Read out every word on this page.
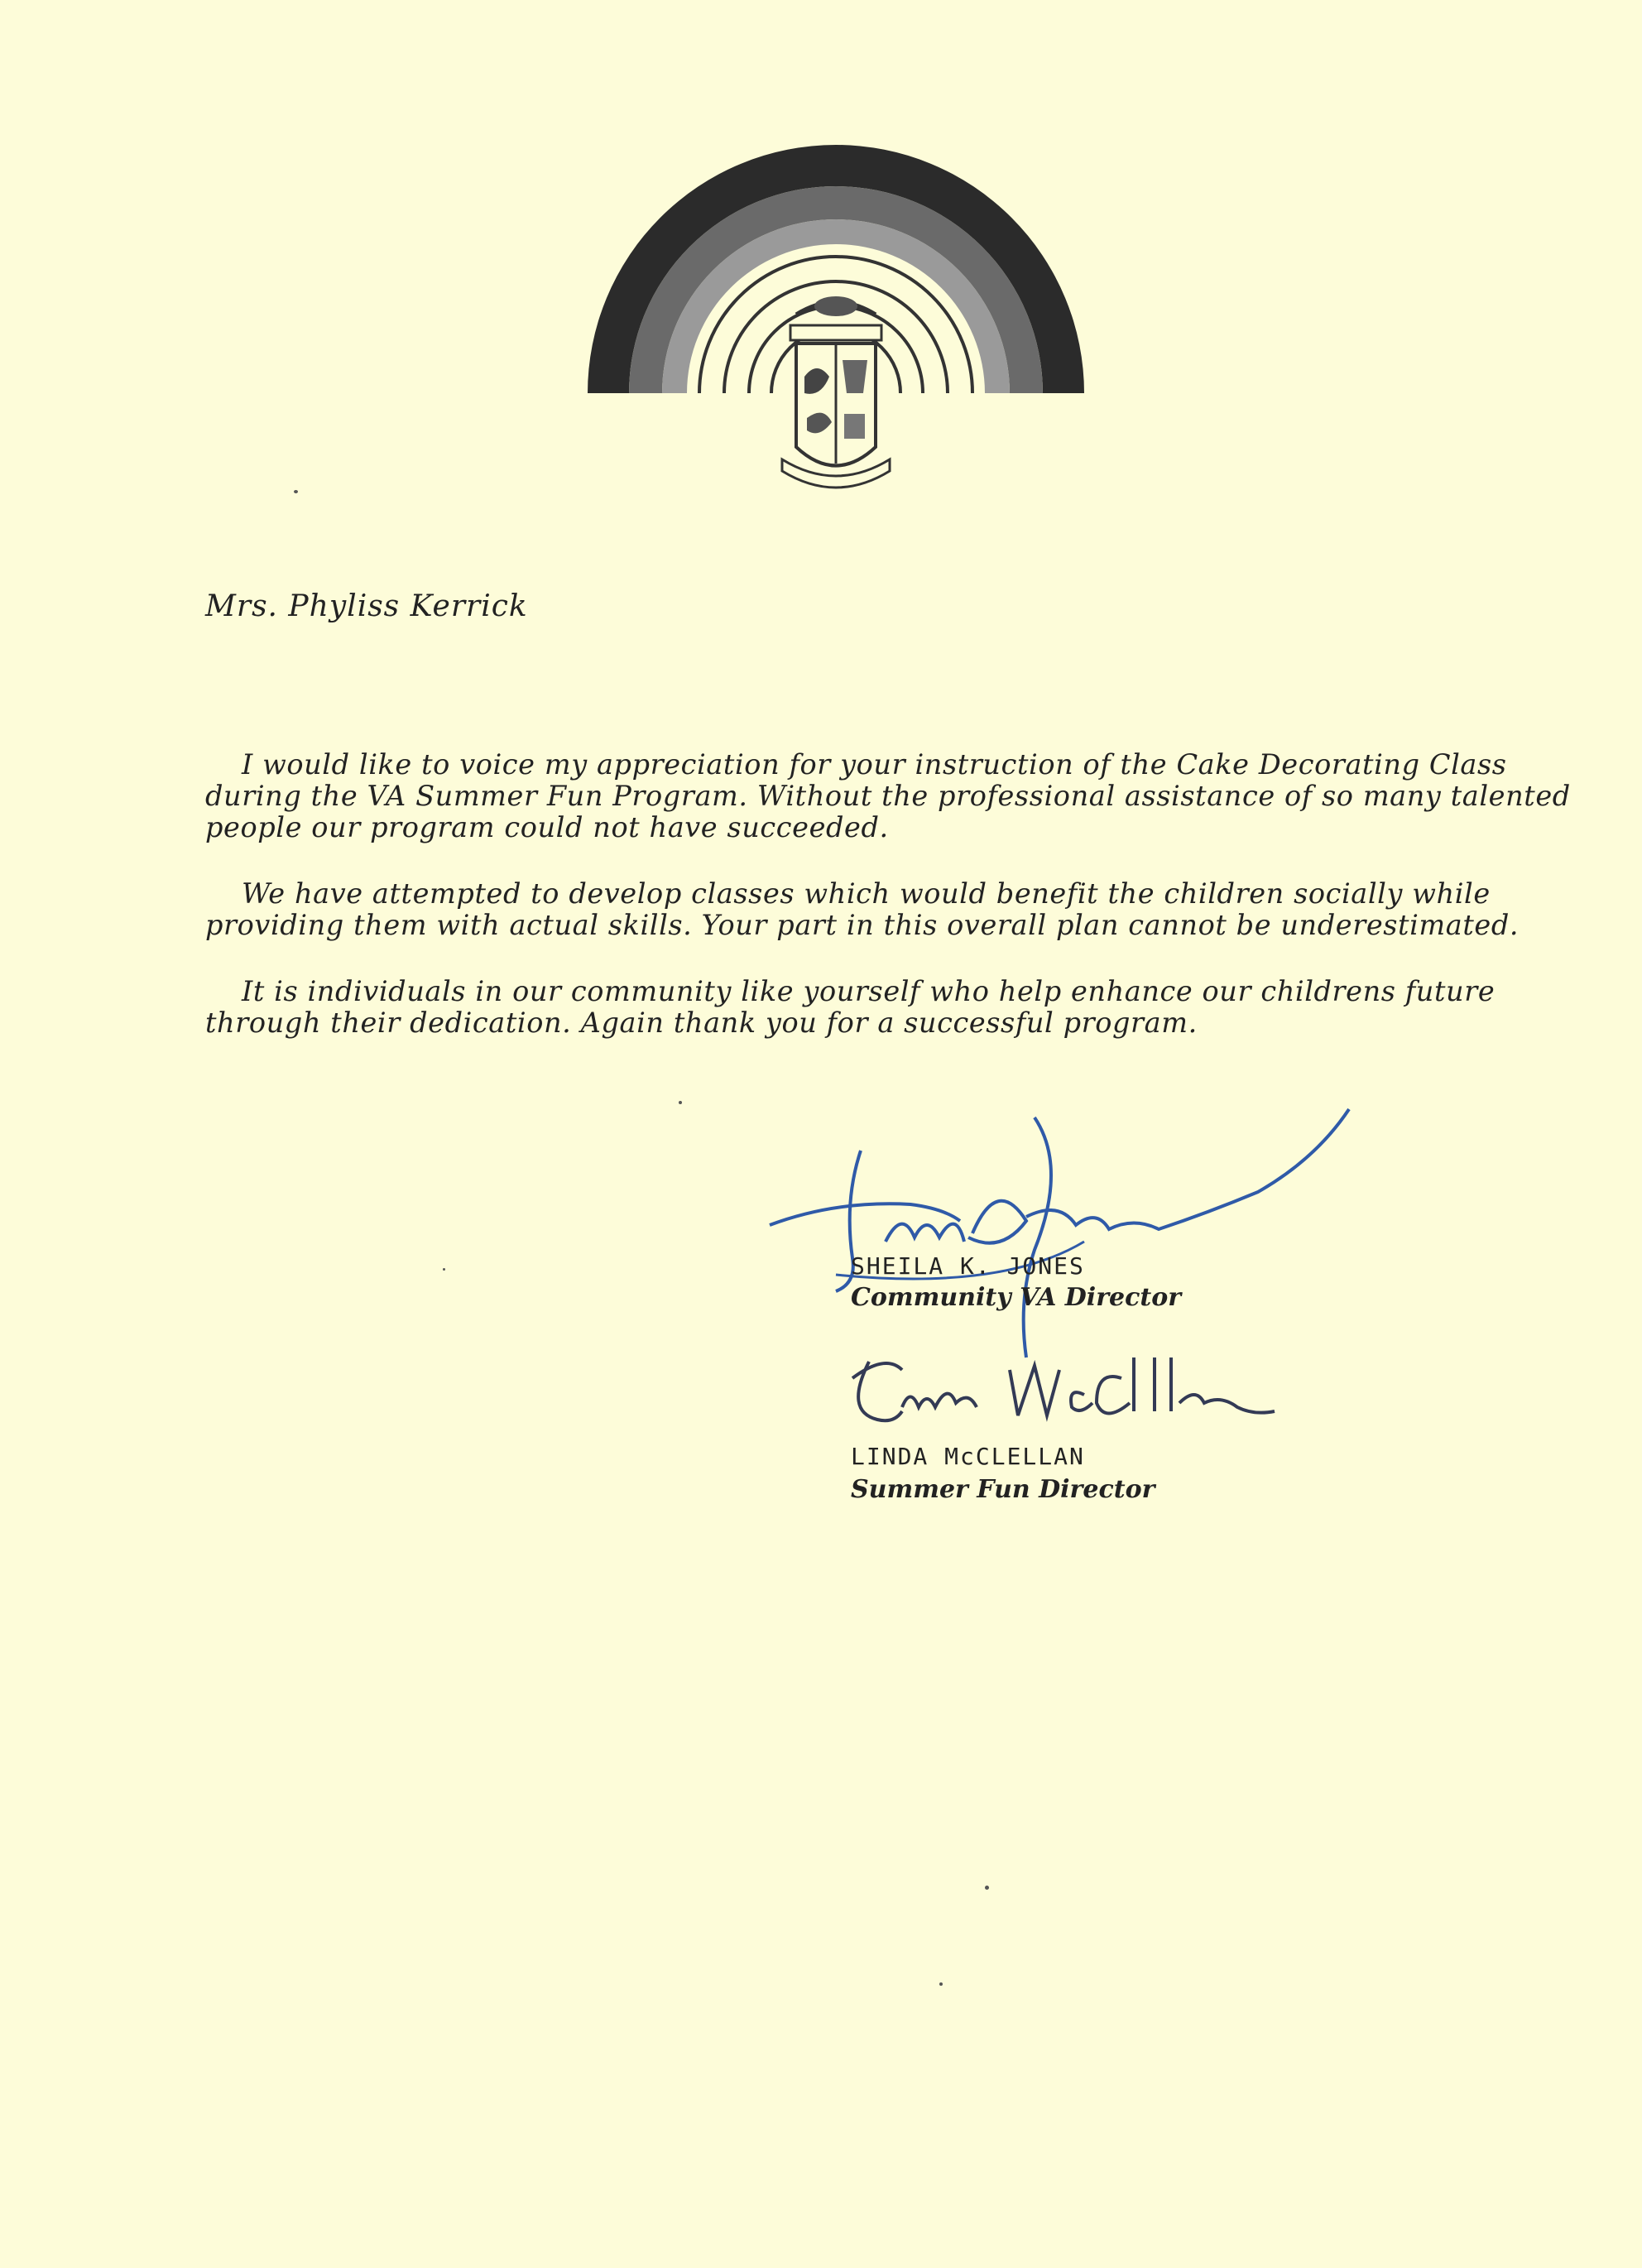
Mrs. Phyliss Kerrick

I would like to voice my appreciation for your instruction of the Cake Decorating Class during the VA Summer Fun Program. Without the professional assistance of so many talented people our program could not have succeeded.

We have attempted to develop classes which would benefit the children socially while providing them with actual skills. Your part in this overall plan cannot be underestimated.

It is individuals in our community like yourself who help enhance our childrens future through their dedication. Again thank you for a successful program.

SHEILA K. JONES
Community VA Director
LINDA McCLELLAN
Summer Fun Director
